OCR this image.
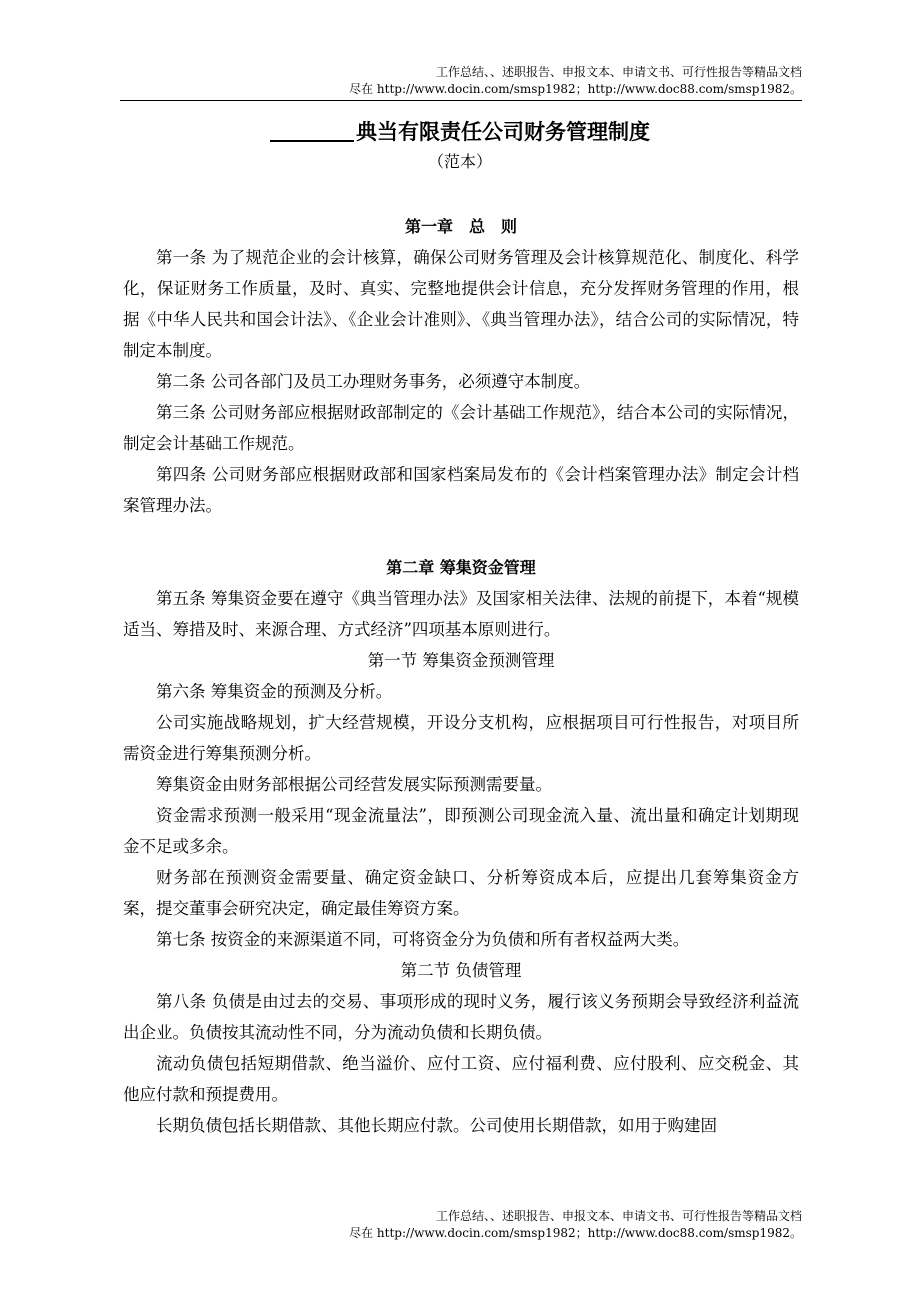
工作总结、、述职报告、申报文本、申请文书、可行性报告等精品文档
尽在 http://www.docin.com/smsp1982；http://www.doc88.com/smsp1982。
典当有限责任公司财务管理制度
（范本）
第一章　总　则

第一条 为了规范企业的会计核算，确保公司财务管理及会计核算规范化、制度化、科学化，保证财务工作质量，及时、真实、完整地提供会计信息，充分发挥财务管理的作用，根据《中华人民共和国会计法》、《企业会计准则》、《典当管理办法》，结合公司的实际情况，特制定本制度。

第二条 公司各部门及员工办理财务事务，必须遵守本制度。

第三条 公司财务部应根据财政部制定的《会计基础工作规范》，结合本公司的实际情况，制定会计基础工作规范。

第四条 公司财务部应根据财政部和国家档案局发布的《会计档案管理办法》制定会计档案管理办法。

第二章 筹集资金管理

第五条 筹集资金要在遵守《典当管理办法》及国家相关法律、法规的前提下，本着“规模适当、筹措及时、来源合理、方式经济”四项基本原则进行。

第一节 筹集资金预测管理

第六条 筹集资金的预测及分析。

公司实施战略规划，扩大经营规模，开设分支机构，应根据项目可行性报告，对项目所需资金进行筹集预测分析。

筹集资金由财务部根据公司经营发展实际预测需要量。

资金需求预测一般采用“现金流量法”，即预测公司现金流入量、流出量和确定计划期现金不足或多余。

财务部在预测资金需要量、确定资金缺口、分析筹资成本后，应提出几套筹集资金方案，提交董事会研究决定，确定最佳筹资方案。

第七条 按资金的来源渠道不同，可将资金分为负债和所有者权益两大类。

第二节 负债管理

第八条 负债是由过去的交易、事项形成的现时义务，履行该义务预期会导致经济利益流出企业。负债按其流动性不同，分为流动负债和长期负债。

流动负债包括短期借款、绝当溢价、应付工资、应付福利费、应付股利、应交税金、其他应付款和预提费用。

长期负债包括长期借款、其他长期应付款。公司使用长期借款，如用于购建固

工作总结、、述职报告、申报文本、申请文书、可行性报告等精品文档
尽在 http://www.docin.com/smsp1982；http://www.doc88.com/smsp1982。
